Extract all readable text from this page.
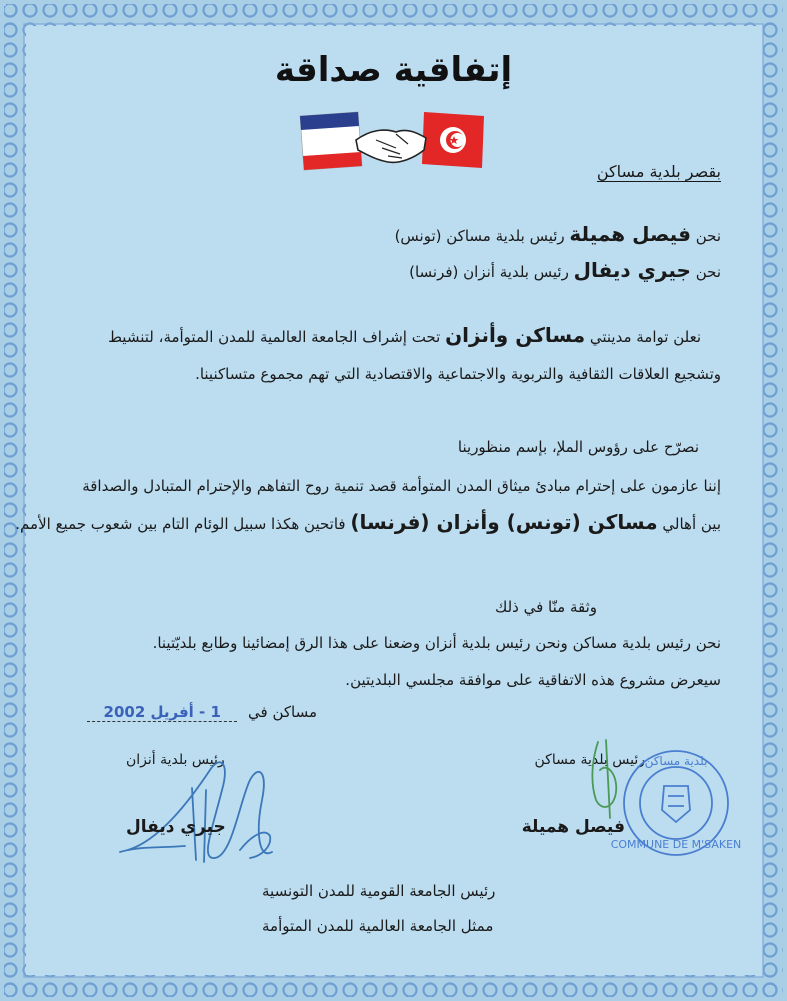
إتفاقية صداقة
بقصر بلدية مساكن
نحن فيصل هميلة رئيس بلدية مساكن (تونس)
نحن جيري ديفال رئيس بلدية أنزان (فرنسا)
نعلن توامة مدينتي مساكن وأنزان تحت إشراف الجامعة العالمية للمدن المتوأمة، لتنشيط
وتشجيع العلاقات الثقافية والتربوية والاجتماعية والاقتصادية التي تهم مجموع متساكنينا.
نصرّح على رؤوس الملإ، بإسم منظورينا
إننا عازمون على إحترام مبادئ ميثاق المدن المتوأمة قصد تنمية روح التفاهم والإحترام المتبادل والصداقة
بين أهالي مساكن (تونس) وأنزان (فرنسا) فاتحين هكذا سبيل الوئام التام بين شعوب جميع الأمم.
وثقة منّا في ذلك
نحن رئيس بلدية مساكن ونحن رئيس بلدية أنزان وضعنا على هذا الرق إمضائينا وطابع بلديّتينا.
سيعرض مشروع هذه الاتفاقية على موافقة مجلسي البلديتين.
مساكن في 1 - أفريل 2002
رئيس بلدية أنزان	رئيس بلدية مساكن
COMMUNE DE M'SAKEN
بلدية مساكن
جيري ديفال	فيصل هميلة
رئيس الجامعة القومية للمدن التونسية
ممثل الجامعة العالمية للمدن المتوأمة
